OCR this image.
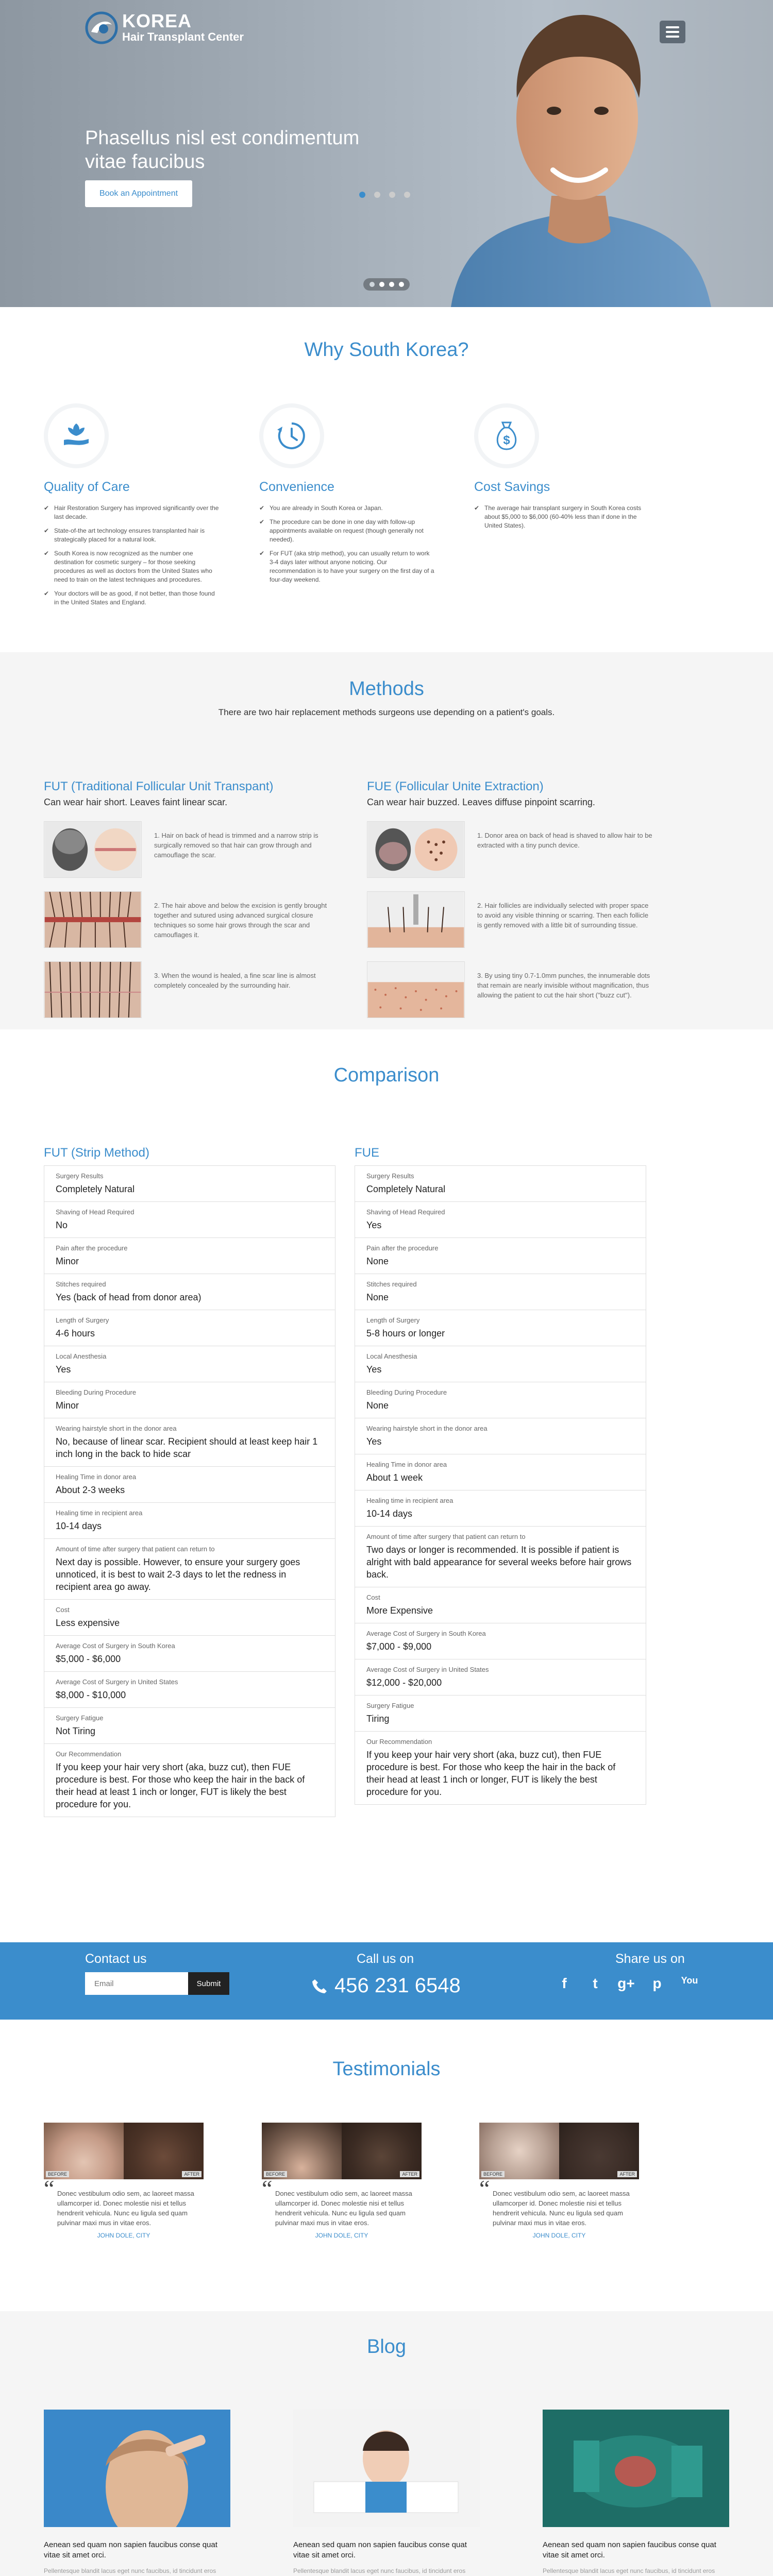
KOREA
Hair Transplant Center
Phasellus nisl est condimentum vitae faucibus
Book an Appointment
Why South Korea?
Quality of Care
✔ Hair Restoration Surgery has improved significantly over the last decade.
✔ State-of-the art technology ensures transplanted hair is strategically placed for a natural look.
✔ South Korea is now recognized as the number one destination for cosmetic surgery – for those seeking procedures as well as doctors from the United States who need to train on the latest techniques and procedures.
✔ Your doctors will be as good, if not better, than those found in the United States and England.
Convenience
✔ You are already in South Korea or Japan.
✔ The procedure can be done in one day with follow-up appointments available on request (though generally not needed).
✔ For FUT (aka strip method), you can usually return to work 3-4 days later without anyone noticing. Our recommendation is to have your surgery on the first day of a four-day weekend.
$
Cost Savings
✔ The average hair transplant surgery in South Korea costs about $5,000 to $6,000 (60-40% less than if done in the United States).
Methods
There are two hair replacement methods surgeons use depending on a patient's goals.
FUT (Traditional Follicular Unit Transpant)
Can wear hair short. Leaves faint linear scar.
1. Hair on back of head is trimmed and a narrow strip is surgically removed so that hair can grow through and camouflage the scar.
2. The hair above and below the excision is gently brought together and sutured using advanced surgical closure techniques so some hair grows through the scar and camouflages it.
3. When the wound is healed, a fine scar line is almost completely concealed by the surrounding hair.
FUE (Follicular Unite Extraction)
Can wear hair buzzed. Leaves diffuse pinpoint scarring.
1. Donor area on back of head is shaved to allow hair to be extracted with a tiny punch device.
2. Hair follicles are individually selected with proper space to avoid any visible thinning or scarring. Then each follicle is gently removed with a little bit of surrounding tissue.
3. By using tiny 0.7-1.0mm punches, the innumerable dots that remain are nearly invisible without magnification, thus allowing the patient to cut the hair short ("buzz cut").
Comparison
FUT (Strip Method)
Surgery Results
Completely Natural
Shaving of Head Required
No
Pain after the procedure
Minor
Stitches required
Yes (back of head from donor area)
Length of Surgery
4-6 hours
Local Anesthesia
Yes
Bleeding During Procedure
Minor
Wearing hairstyle short in the donor area
No, because of linear scar. Recipient should at least keep hair 1 inch long in the back to hide scar
Healing Time in donor area
About 2-3 weeks
Healing time in recipient area
10-14 days
Amount of time after surgery that patient can return to
Next day is possible. However, to ensure your surgery goes unnoticed, it is best to wait 2-3 days to let the redness in recipient area go away.
Cost
Less expensive
Average Cost of Surgery in South Korea
$5,000 - $6,000
Average Cost of Surgery in United States
$8,000 - $10,000
Surgery Fatigue
Not Tiring
Our Recommendation
If you keep your hair very short (aka, buzz cut), then FUE procedure is best. For those who keep the hair in the back of their head at least 1 inch or longer, FUT is likely the best procedure for you.
FUE
Surgery Results
Completely Natural
Shaving of Head Required
Yes
Pain after the procedure
None
Stitches required
None
Length of Surgery
5-8 hours or longer
Local Anesthesia
Yes
Bleeding During Procedure
None
Wearing hairstyle short in the donor area
Yes
Healing Time in donor area
About 1 week
Healing time in recipient area
10-14 days
Amount of time after surgery that patient can return to
Two days or longer is recommended. It is possible if patient is alright with bald appearance for several weeks before hair grows back.
Cost
More Expensive
Average Cost of Surgery in South Korea
$7,000 - $9,000
Average Cost of Surgery in United States
$12,000 - $20,000
Surgery Fatigue
Tiring
Our Recommendation
If you keep your hair very short (aka, buzz cut), then FUE procedure is best. For those who keep the hair in the back of their head at least 1 inch or longer, FUT is likely the best procedure for you.
Contact us
Email
Submit
Call us on
456 231 6548
Share us on
f	t	g+	p	You
Testimonials
BEFORE	AFTER
“ Donec vestibulum odio sem, ac laoreet massa ullamcorper id. Donec molestie nisi et tellus hendrerit vehicula. Nunc eu ligula sed quam pulvinar maxi mus in vitae eros.
JOHN DOLE, CITY
BEFORE	AFTER
“ Donec vestibulum odio sem, ac laoreet massa ullamcorper id. Donec molestie nisi et tellus hendrerit vehicula. Nunc eu ligula sed quam pulvinar maxi mus in vitae eros.
JOHN DOLE, CITY
BEFORE	AFTER
“ Donec vestibulum odio sem, ac laoreet massa ullamcorper id. Donec molestie nisi et tellus hendrerit vehicula. Nunc eu ligula sed quam pulvinar maxi mus in vitae eros.
JOHN DOLE, CITY
Blog
Aenean sed quam non sapien faucibus conse quat vitae sit amet orci.
Pellentesque blandit lacus eget nunc faucibus, id tincidunt eros
Aenean sed quam non sapien faucibus conse quat vitae sit amet orci.
Pellentesque blandit lacus eget nunc faucibus, id tincidunt eros
Aenean sed quam non sapien faucibus conse quat vitae sit amet orci.
Pellentesque blandit lacus eget nunc faucibus, id tincidunt eros
